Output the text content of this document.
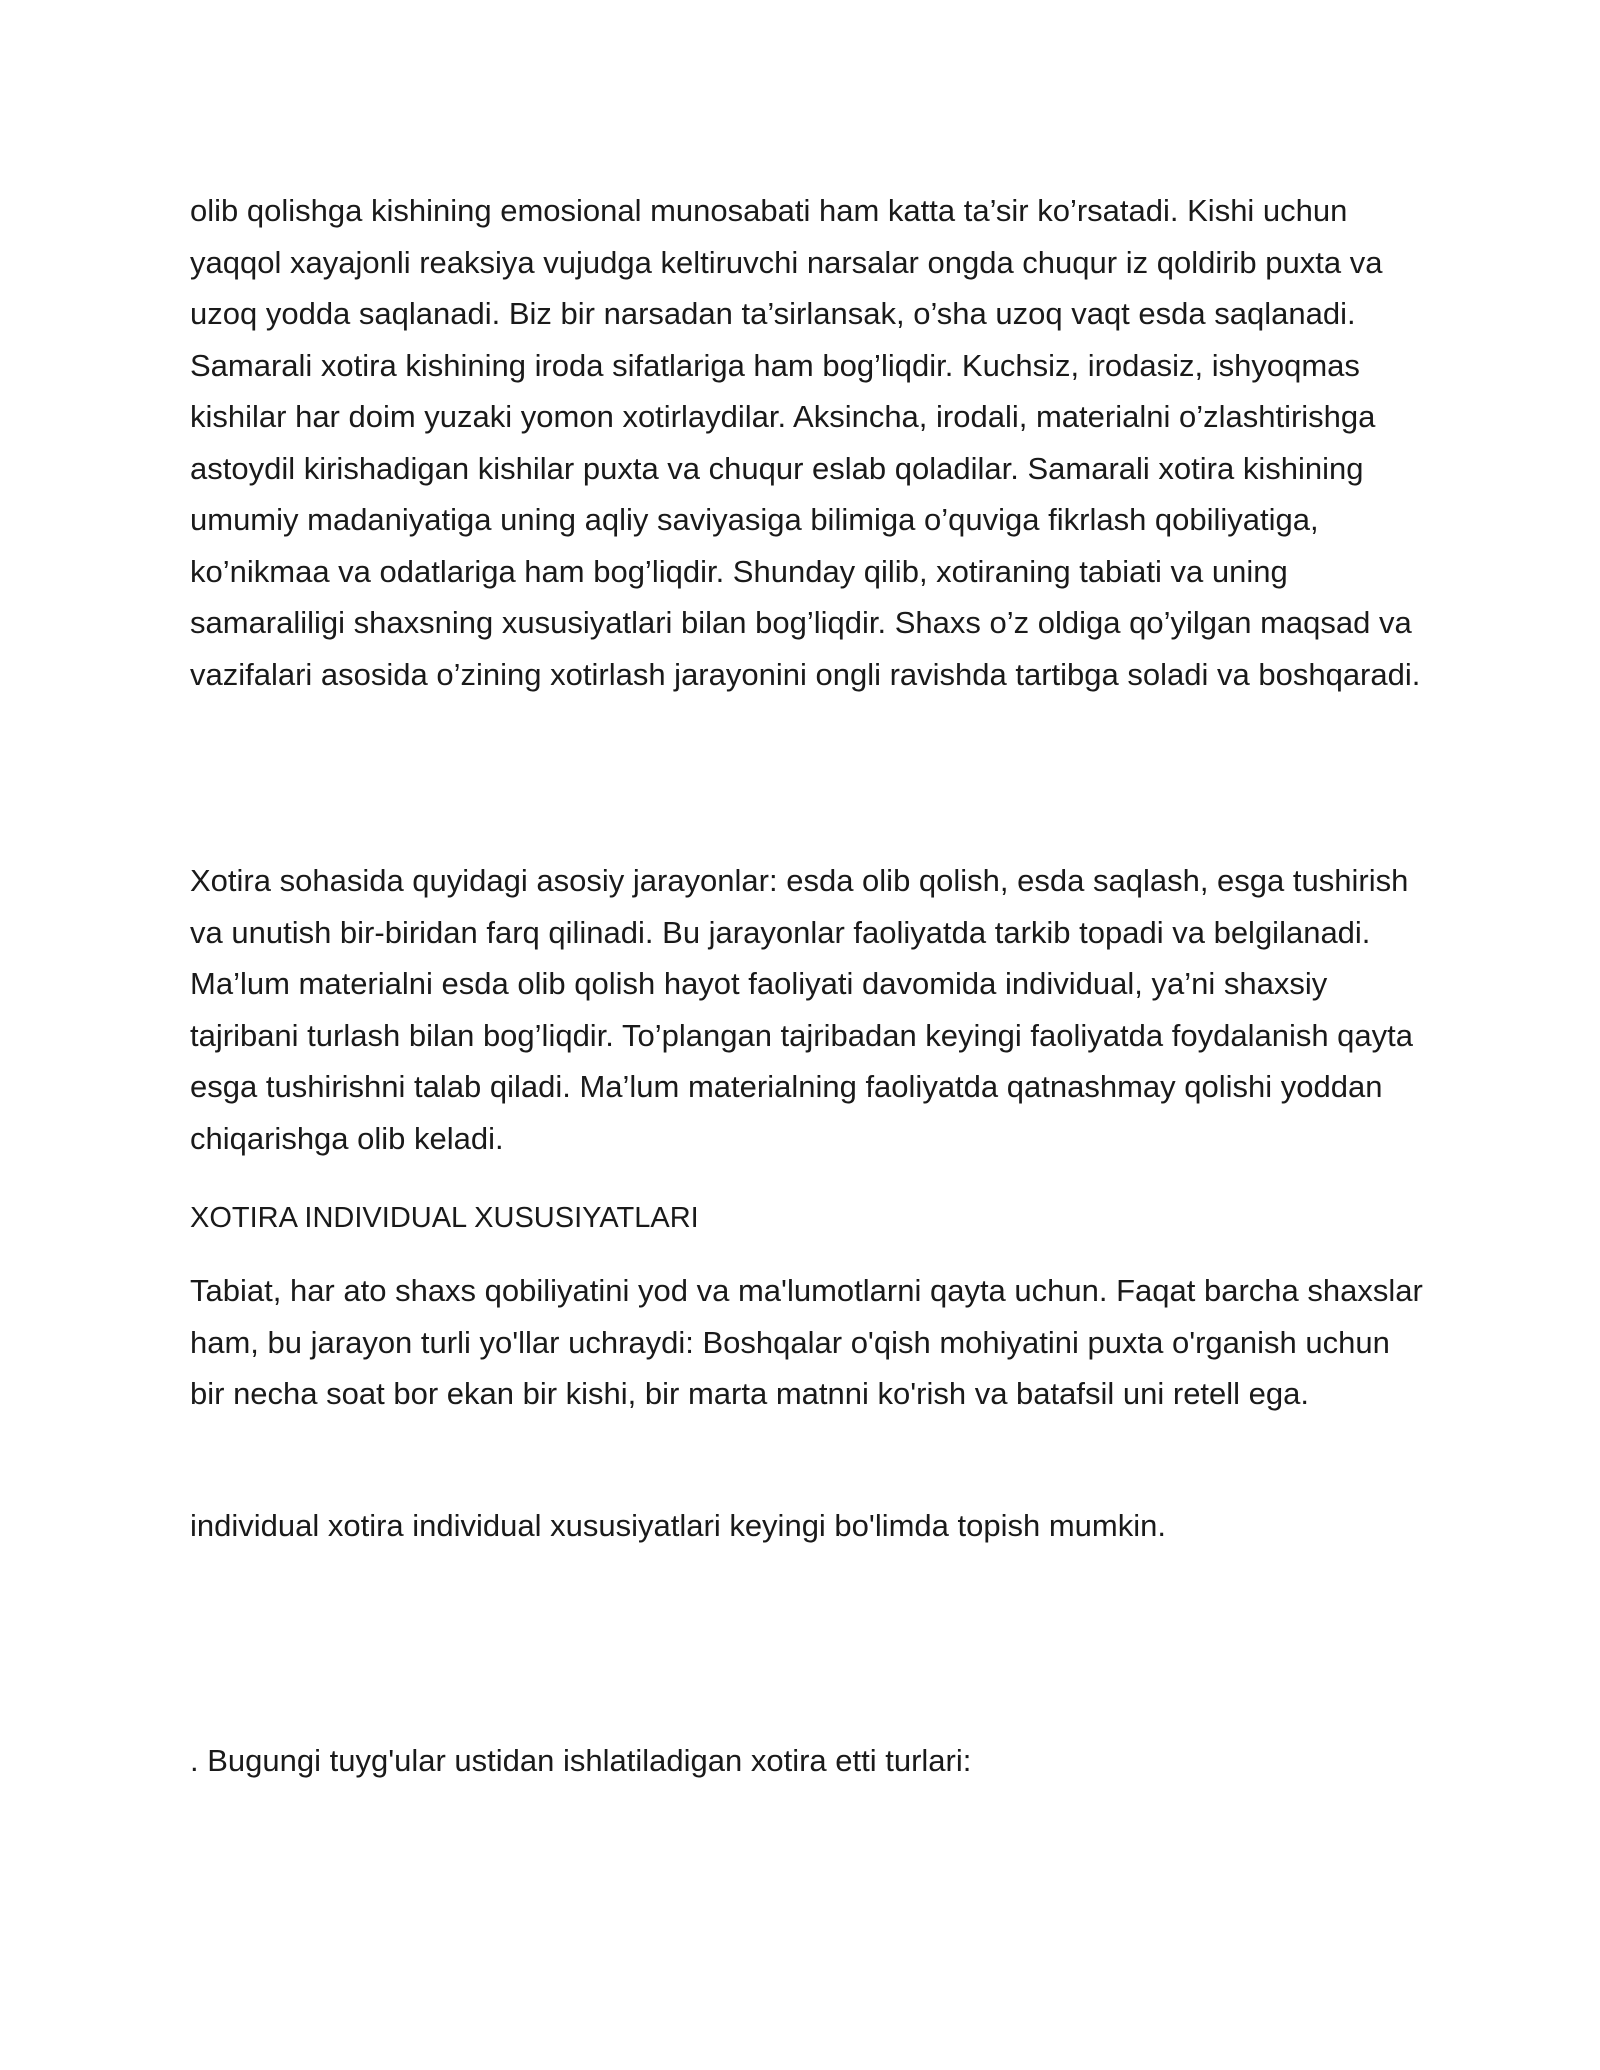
olib qolishga kishining emosional munosabati ham katta ta’sir ko’rsatadi. Kishi uchun yaqqol xayajonli reaksiya vujudga keltiruvchi narsalar ongda chuqur iz qoldirib puxta va uzoq yodda saqlanadi. Biz bir narsadan ta’sirlansak, o’sha uzoq vaqt esda saqlanadi. Samarali xotira kishining iroda sifatlariga ham bog’liqdir. Kuchsiz, irodasiz, ishyoqmas kishilar har doim yuzaki yomon xotirlaydilar. Aksincha, irodali, materialni o’zlashtirishga astoydil kirishadigan kishilar puxta va chuqur eslab qoladilar. Samarali xotira kishining umumiy madaniyatiga uning aqliy saviyasiga bilimiga o’quviga fikrlash qobiliyatiga, ko’nikmaa va odatlariga ham bog’liqdir. Shunday qilib, xotiraning tabiati va uning samaraliligi shaxsning xususiyatlari bilan bog’liqdir. Shaxs o’z oldiga qo’yilgan maqsad va vazifalari asosida o’zining xotirlash jarayonini ongli ravishda tartibga soladi va boshqaradi.

Xotira sohasida quyidagi asosiy jarayonlar: esda olib qolish, esda saqlash, esga tushirish va unutish bir-biridan farq qilinadi. Bu jarayonlar faoliyatda tarkib topadi va belgilanadi. Ma’lum materialni esda olib qolish hayot faoliyati davomida individual, ya’ni shaxsiy tajribani turlash bilan bog’liqdir. To’plangan tajribadan keyingi faoliyatda foydalanish qayta esga tushirishni talab qiladi. Ma’lum materialning faoliyatda qatnashmay qolishi yoddan chiqarishga olib keladi.

XOTIRA INDIVIDUAL XUSUSIYATLARI

Tabiat, har ato shaxs qobiliyatini yod va ma'lumotlarni qayta uchun. Faqat barcha shaxslar ham, bu jarayon turli yo'llar uchraydi: Boshqalar o'qish mohiyatini puxta o'rganish uchun bir necha soat bor ekan bir kishi, bir marta matnni ko'rish va batafsil uni retell ega.

individual xotira individual xususiyatlari keyingi bo'limda topish mumkin.

. Bugungi tuyg'ular ustidan ishlatiladigan xotira etti turlari:
